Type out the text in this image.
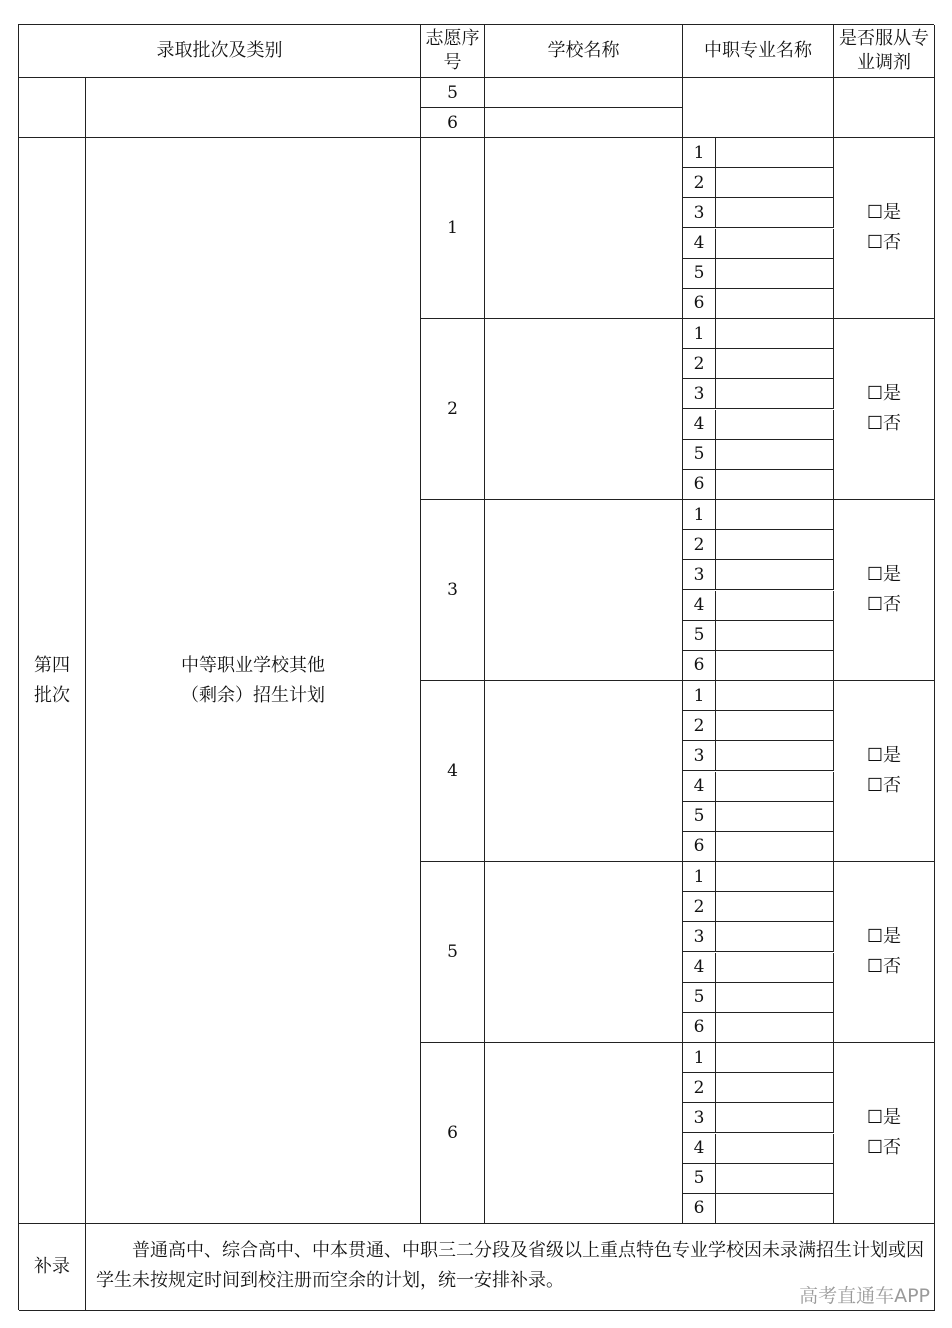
录取批次及类别
志愿序号
学校名称	中职专业名称
是否服从专业调剂
5
6
第四批次
中等职业学校其他（剩余）招生计划
1
1
2
3
4
5
6
☐是
☐否
2
1
2
3
4
5
6
☐是
☐否
3
1
2
3
4
5
6
☐是
☐否
4
1
2
3
4
5
6
☐是
☐否
5
1
2
3
4
5
6
☐是
☐否
6
1
2
3
4
5
6
☐是
☐否
补录
普通高中、综合高中、中本贯通、中职三二分段及省级以上重点特色专业学校因未录满招生计划或因学生未按规定时间到校注册而空余的计划，统一安排补录。
高考直通车APP
